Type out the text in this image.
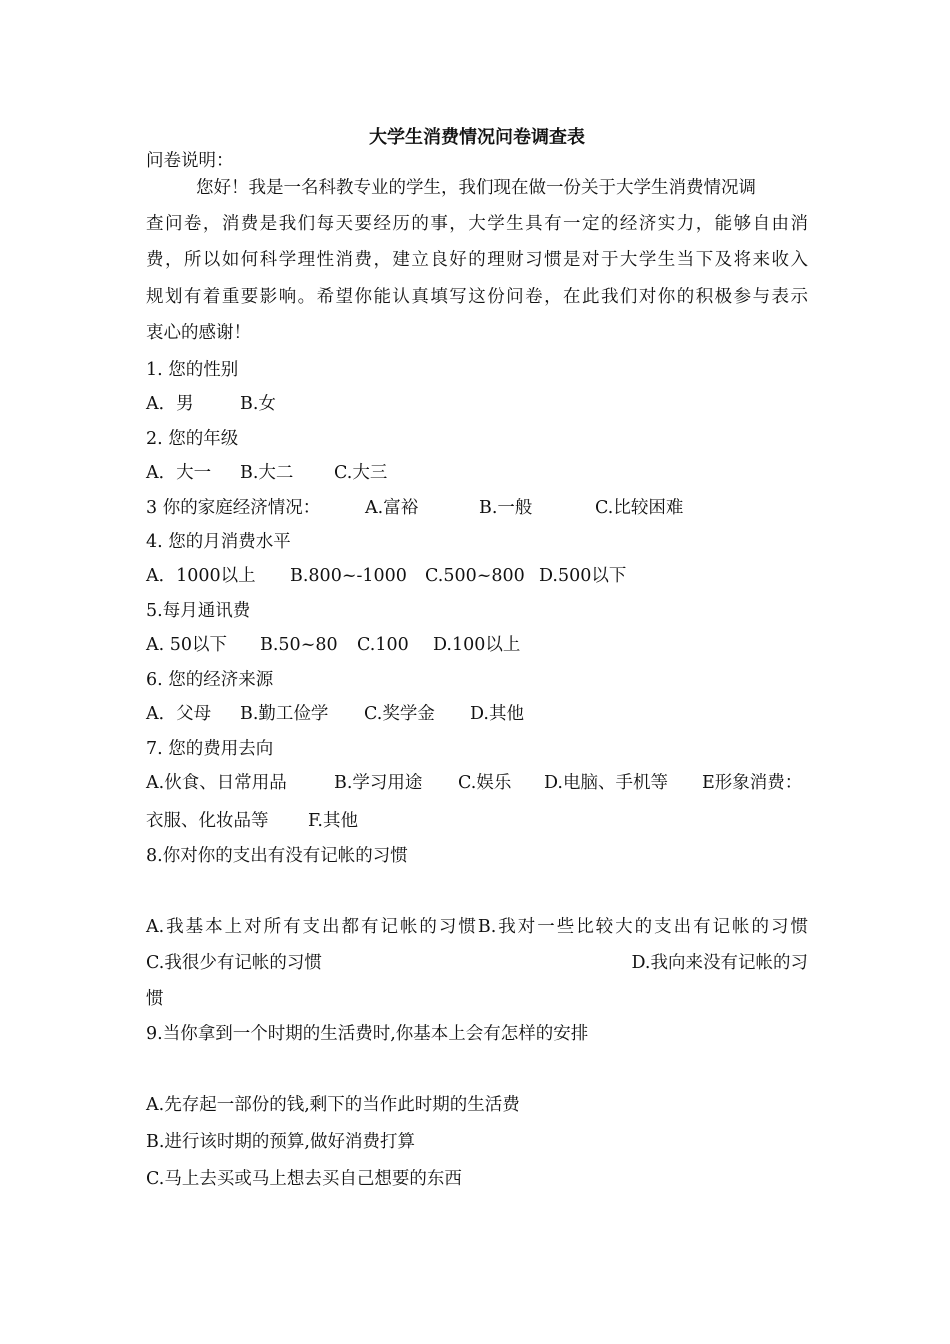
大学生消费情况问卷调查表
问卷说明：
您好！我是一名科教专业的学生，我们现在做一份关于大学生消费情况调
查问卷，消费是我们每天要经历的事，大学生具有一定的经济实力，能够自由消
费，所以如何科学理性消费，建立良好的理财习惯是对于大学生当下及将来收入
规划有着重要影响。希望你能认真填写这份问卷，在此我们对你的积极参与表示
衷心的感谢！
1. 您的性别
A．男	B.女
2. 您的年级
A．大一	B.大二	C.大三
3 你的家庭经济情况：	A.富裕	B.一般	C.比较困难
4. 您的月消费水平
A．1000以上	B.800~-1000	C.500~800 D.500以下
5.每月通讯费
A. 50以下	B.50~80	C.100	D.100以上
6. 您的经济来源
A．父母	B.勤工俭学	C.奖学金	D.其他
7. 您的费用去向
A.伙食、日常用品	B.学习用途	C.娱乐	D.电脑、手机等	E形象消费：
衣服、化妆品等	F.其他
8.你对你的支出有没有记帐的习惯
A.我基本上对所有支出都有记帐的习惯B.我对一些比较大的支出有记帐的习惯
C.我很少有记帐的习惯	D.我向来没有记帐的习
惯
9.当你拿到一个时期的生活费时,你基本上会有怎样的安排
A.先存起一部份的钱,剩下的当作此时期的生活费
B.进行该时期的预算,做好消费打算
C.马上去买或马上想去买自己想要的东西
